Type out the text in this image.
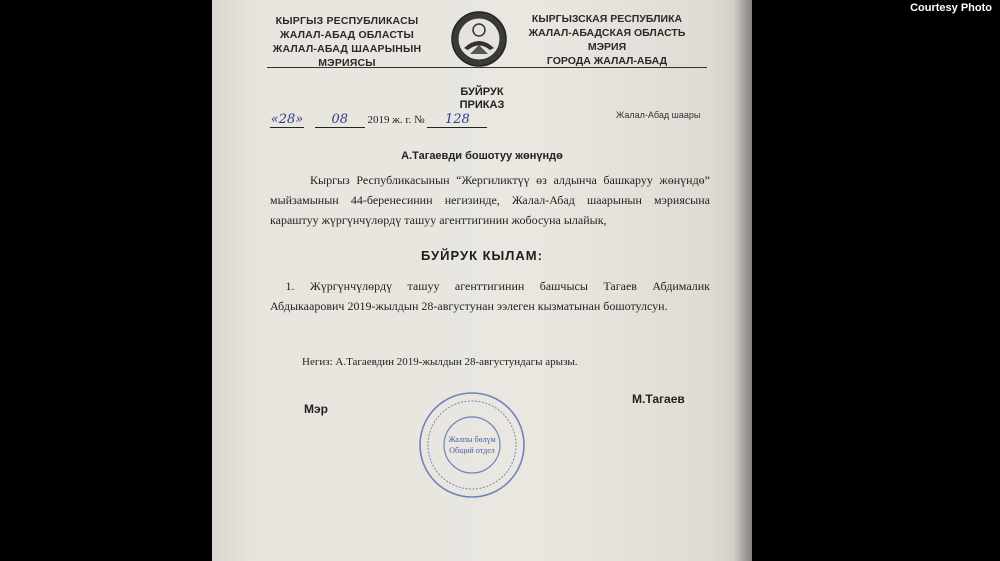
Courtesy Photo
КЫРГЫЗ РЕСПУБЛИКАСЫ
ЖАЛАЛ-АБАД ОБЛАСТЫ
ЖАЛАЛ-АБАД ШААРЫНЫН
МЭРИЯСЫ
КЫРГЫЗСКАЯ РЕСПУБЛИКА
ЖАЛАЛ-АБАДСКАЯ ОБЛАСТЬ
МЭРИЯ
ГОРОДА ЖАЛАЛ-АБАД
БУЙРУК
ПРИКАЗ
«28» 08 2019 ж. г. № 128	Жалал-Абад шаары
А.Тагаевди бошотуу жөнүндө
Кыргыз Республикасынын “Жергиликтүү өз алдынча башкаруу жөнүндө” мыйзамынын 44-беренесинин негизинде, Жалал-Абад шаарынын мэриясына караштуу жүргүнчүлөрдү ташуу агенттигинин жобосуна ылайык,
БУЙРУК КЫЛАМ:
1. Жүргүнчүлөрдү ташуу агенттигинин башчысы Тагаев Абдималик Абдыкаарович 2019-жылдын 28-августунан ээлеген кызматынан бошотулсун.
Негиз: А.Тагаевдин 2019-жылдын 28-августундагы арызы.
Мэр
Жалпы бөлүм
Общий отдел
М.Тагаев
